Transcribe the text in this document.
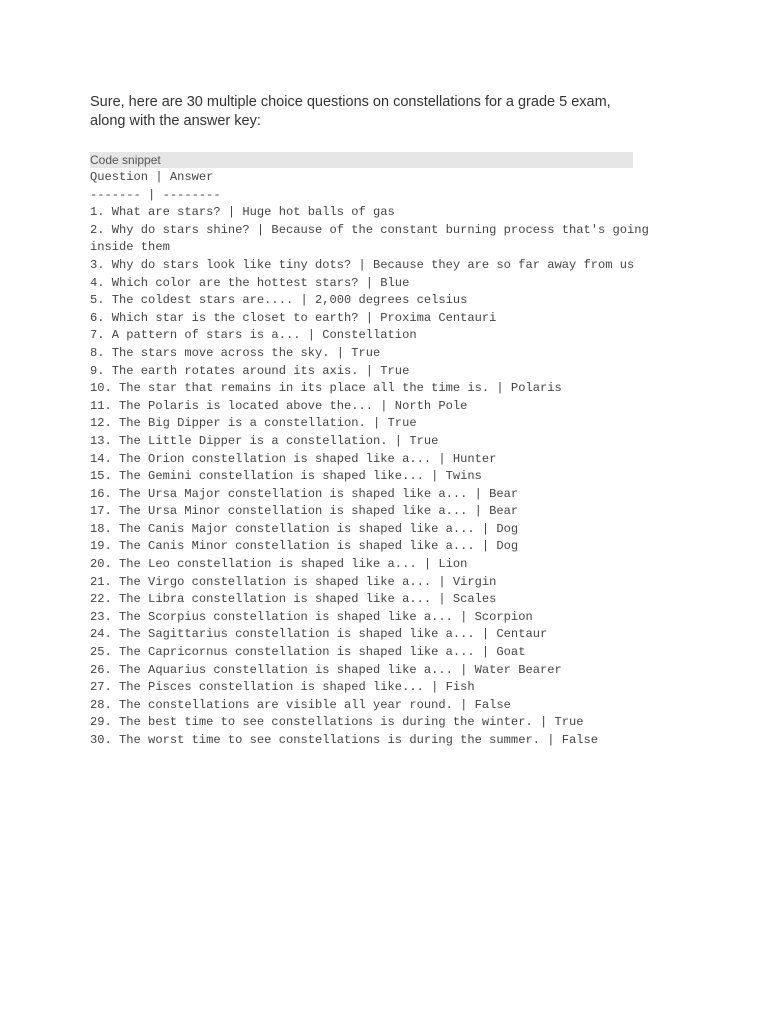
Sure, here are 30 multiple choice questions on constellations for a grade 5 exam, along with the answer key:

Code snippet
Question | Answer
------- | --------
1. What are stars? | Huge hot balls of gas
2. Why do stars shine? | Because of the constant burning process that's going inside them
3. Why do stars look like tiny dots? | Because they are so far away from us
4. Which color are the hottest stars? | Blue
5. The coldest stars are.... | 2,000 degrees celsius
6. Which star is the closet to earth? | Proxima Centauri
7. A pattern of stars is a... | Constellation
8. The stars move across the sky. | True
9. The earth rotates around its axis. | True
10. The star that remains in its place all the time is. | Polaris
11. The Polaris is located above the... | North Pole
12. The Big Dipper is a constellation. | True
13. The Little Dipper is a constellation. | True
14. The Orion constellation is shaped like a... | Hunter
15. The Gemini constellation is shaped like... | Twins
16. The Ursa Major constellation is shaped like a... | Bear
17. The Ursa Minor constellation is shaped like a... | Bear
18. The Canis Major constellation is shaped like a... | Dog
19. The Canis Minor constellation is shaped like a... | Dog
20. The Leo constellation is shaped like a... | Lion
21. The Virgo constellation is shaped like a... | Virgin
22. The Libra constellation is shaped like a... | Scales
23. The Scorpius constellation is shaped like a... | Scorpion
24. The Sagittarius constellation is shaped like a... | Centaur
25. The Capricornus constellation is shaped like a... | Goat
26. The Aquarius constellation is shaped like a... | Water Bearer
27. The Pisces constellation is shaped like... | Fish
28. The constellations are visible all year round. | False
29. The best time to see constellations is during the winter. | True
30. The worst time to see constellations is during the summer. | False
